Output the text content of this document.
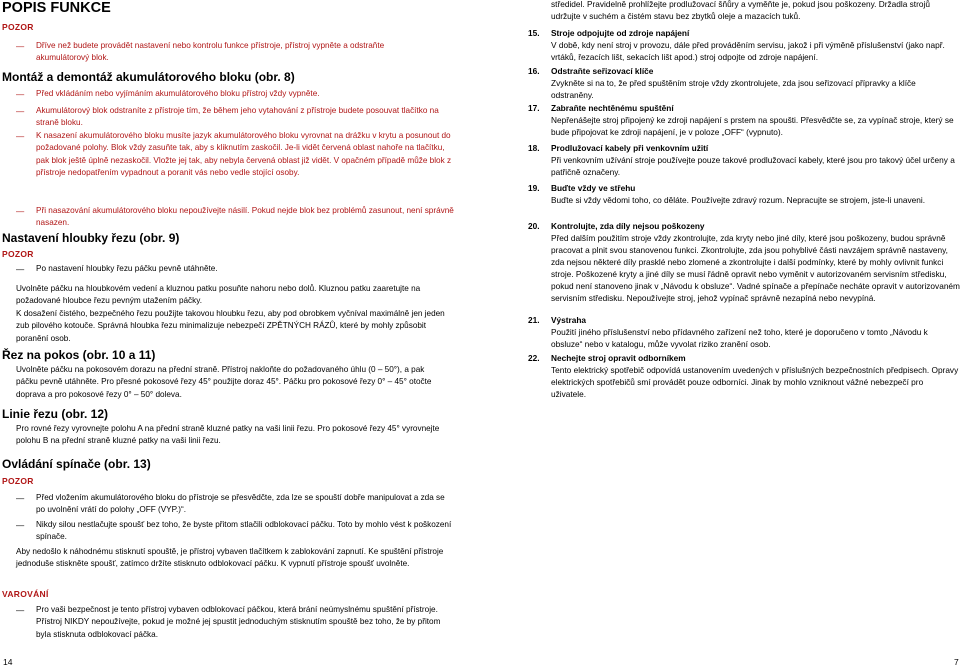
POPIS FUNKCE
POZOR
— Dříve než budete provádět nastavení nebo kontrolu funkce přístroje, přístroj vypněte a odstraňte akumulátorový blok.
Montáž a demontáž akumulátorového bloku (obr. 8)
— Před vkládáním nebo vyjímáním akumulátorového bloku přístroj vždy vypněte.
— Akumulátorový blok odstraníte z přístroje tím, že během jeho vytahování z přístroje budete posouvat tlačítko na straně bloku.
— K nasazení akumulátorového bloku musíte jazyk akumulátorového bloku vyrovnat na drážku v krytu a posunout do požadované polohy. Blok vždy zasuňte tak, aby s kliknutím zaskočil. Je-li vidět červená oblast nahoře na tlačítku, pak blok ještě úplně nezaskočil. Vložte jej tak, aby nebyla červená oblast již vidět. V opačném případě může blok z přístroje nedopatřením vypadnout a poranit vás nebo vedle stojící osoby.
— Při nasazování akumulátorového bloku nepoužívejte násilí. Pokud nejde blok bez problémů zasunout, není správně nasazen.
Nastavení hloubky řezu (obr. 9)
POZOR
— Po nastavení hloubky řezu páčku pevně utáhněte.
Uvolněte páčku na hloubkovém vedení a kluznou patku posuňte nahoru nebo dolů. Kluznou patku zaaretujte na požadované hloubce řezu pevným utažením páčky.
K dosažení čistého, bezpečného řezu použijte takovou hloubku řezu, aby pod obrobkem vyčníval maximálně jen jeden zub pilového kotouče. Správná hloubka řezu minimalizuje nebezpečí ZPĚTNÝCH RÁZŮ, které by mohly způsobit poranění osob.
Řez na pokos (obr. 10 a 11)
Uvolněte páčku na pokosovém dorazu na přední straně. Přístroj nakloňte do požadovaného úhlu (0 – 50°), a pak páčku pevně utáhněte. Pro přesné pokosové řezy 45° použijte doraz 45°. Páčku pro pokosové řezy 0° – 45° otočte doprava a pro pokosové řezy 0° – 50° doleva.
Linie řezu (obr. 12)
Pro rovné řezy vyrovnejte polohu A na přední straně kluzné patky na vaši linii řezu. Pro pokosové řezy 45° vyrovnejte polohu B na přední straně kluzné patky na vaši linii řezu.
Ovládání spínače (obr. 13)
POZOR
— Před vložením akumulátorového bloku do přístroje se přesvědčte, zda lze se spouští dobře manipulovat a zda se po uvolnění vrátí do polohy „OFF (VYP.)“.
— Nikdy silou nestlačujte spoušť bez toho, že byste přitom stlačili odblokovací páčku. Toto by mohlo vést k poškození spínače.
Aby nedošlo k náhodnému stisknutí spouště, je přístroj vybaven tlačítkem k zablokování zapnutí. Ke spuštění přístroje jednoduše stiskněte spoušť, zatímco držíte stisknuto odblokovací páčku. K vypnutí přístroje spoušť uvolněte.
VAROVÁNÍ
— Pro vaši bezpečnost je tento přístroj vybaven odblokovací páčkou, která brání neúmyslnému spuštění přístroje. Přístroj NIKDY nepoužívejte, pokud je možné jej spustit jednoduchým stisknutím spouště bez toho, že by přitom byla stisknuta odblokovací páčka.
14
středidel. Pravidelně prohlížejte prodlužovací šňůry a vyměňte je, pokud jsou poškozeny. Držadla strojů udržujte v suchém a čistém stavu bez zbytků oleje a mazacích tuků.
15. Stroje odpojujte od zdroje napájení
V době, kdy není stroj v provozu, dále před prováděním servisu, jakož i při výměně příslušenství (jako např. vrtáků, řezacích lišt, sekacích lišt apod.) stroj odpojte od zdroje napájení.
16. Odstraňte seřizovací klíče
Zvykněte si na to, že před spuštěním stroje vždy zkontrolujete, zda jsou seřizovací přípravky a klíče odstraněny.
17. Zabraňte nechtěnému spuštění
Nepřenášejte stroj připojený ke zdroji napájení s prstem na spoušti. Přesvědčte se, za vypínač stroje, který se bude připojovat ke zdroji napájení, je v poloze „OFF“ (vypnuto).
18. Prodlužovací kabely při venkovním užití
Při venkovním užívání stroje používejte pouze takové prodlužovací kabely, které jsou pro takový účel určeny a patřičně označeny.
19. Buďte vždy ve střehu
Buďte si vždy vědomi toho, co děláte. Používejte zdravý rozum. Nepracujte se strojem, jste-li unaveni.
20. Kontrolujte, zda díly nejsou poškozeny
Před dalším použitím stroje vždy zkontrolujte, zda kryty nebo jiné díly, které jsou poškozeny, budou správně pracovat a plnit svou stanovenou funkci. Zkontrolujte, zda jsou pohyblivé části navzájem správně nastaveny, zda nejsou některé díly prasklé nebo zlomené a zkontrolujte i další podmínky, které by mohly ovlivnit funkci stroje. Poškozené kryty a jiné díly se musí řádně opravit nebo vyměnit v autorizovaném servisním středisku, pokud není stanoveno jinak v „Návodu k obsluze“. Vadné spínače a přepínače necháte opravit v autorizovaném servisním středisku. Nepoužívejte stroj, jehož vypínač správně nezapíná nebo nevypíná.
21. Výstraha
Použití jiného příslušenství nebo přídavného zařízení než toho, které je doporučeno v tomto „Návodu k obsluze“ nebo v katalogu, může vyvolat riziko zranění osob.
22. Nechejte stroj opravit odborníkem
Tento elektrický spotřebič odpovídá ustanovením uvedených v příslušných bezpečnostních předpisech. Opravy elektrických spotřebičů smí provádět pouze odborníci. Jinak by mohlo vzniknout vážné nebezpečí pro uživatele.
7
